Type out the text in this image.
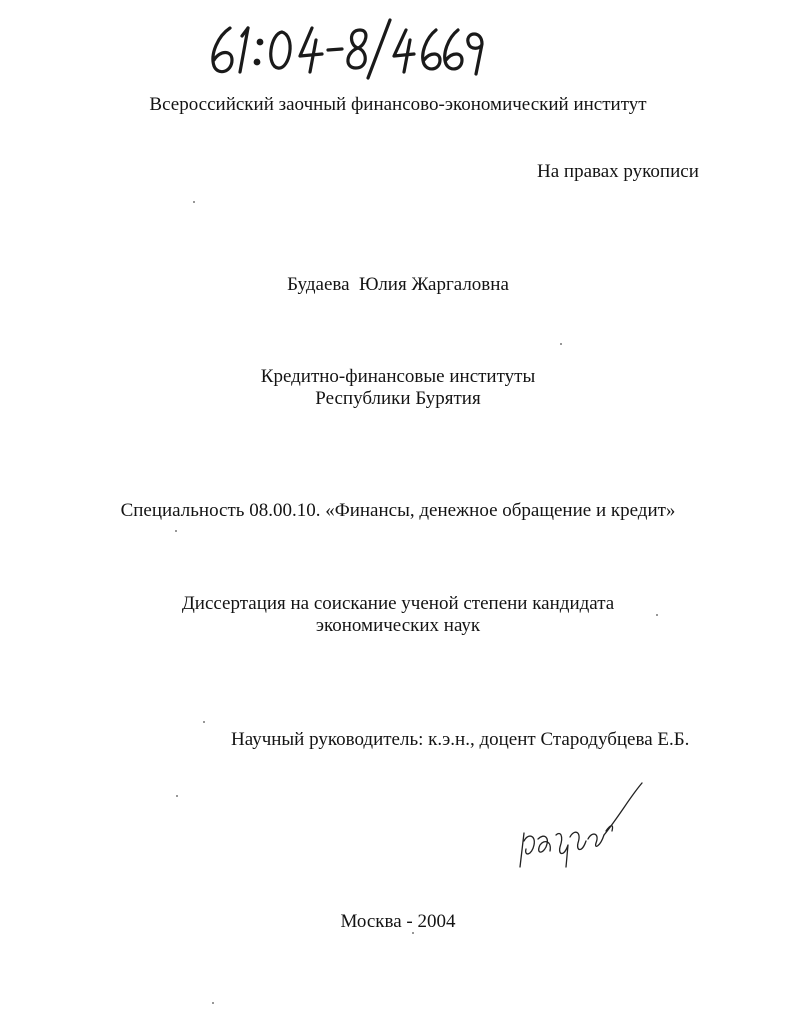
Всероссийский заочный финансово-экономический институт
На правах рукописи
Будаева  Юлия Жаргаловна
Кредитно-финансовые институты
Республики Бурятия
Специальность 08.00.10. «Финансы, денежное обращение и кредит»
Диссертация на соискание ученой степени кандидата
экономических наук
Научный руководитель: к.э.н., доцент Стародубцева Е.Б.
Москва - 2004
